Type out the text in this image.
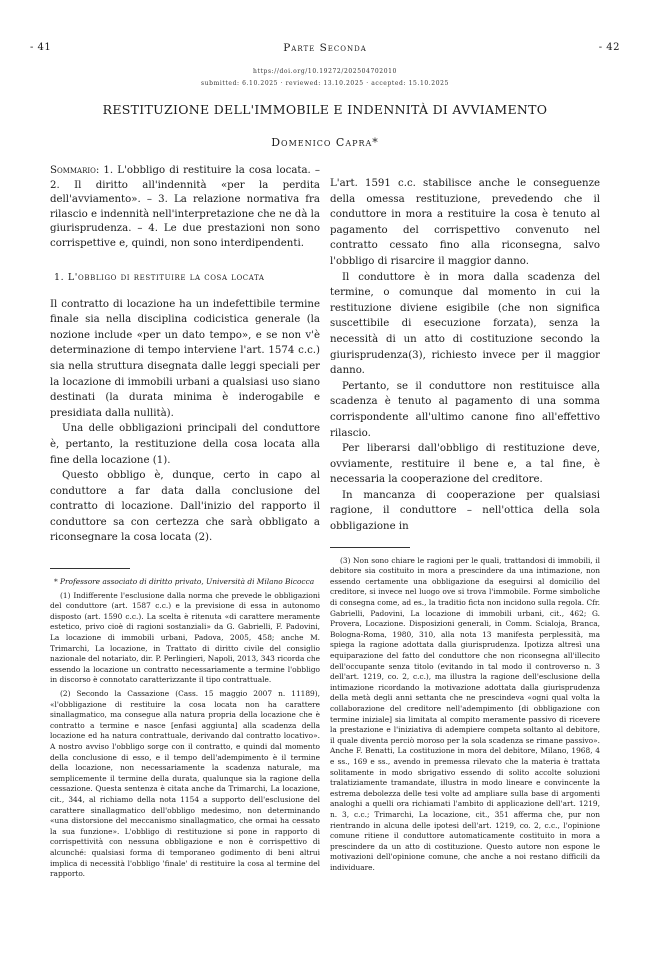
- 41	Parte Seconda	- 42
https://doi.org/10.19272/202504702010
submitted: 6.10.2025 · reviewed: 13.10.2025 · accepted: 15.10.2025
RESTITUZIONE DELL'IMMOBILE E INDENNITÀ DI AVVIAMENTO
Domenico Capra*

Sommario: 1. L'obbligo di restituire la cosa locata. – 2. Il diritto all'indennità «per la perdita dell'avviamento». – 3. La relazione normativa fra rilascio e indennità nell'interpretazione che ne dà la giurisprudenza. – 4. Le due prestazioni non sono corrispettive e, quindi, non sono interdipendenti.

1. L'obbligo di restituire la cosa locata

Il contratto di locazione ha un indefettibile termine finale sia nella disciplina codicistica generale (la nozione include «per un dato tempo», e se non v'è determinazione di tempo interviene l'art. 1574 c.c.) sia nella struttura disegnata dalle leggi speciali per la locazione di immobili urbani a qualsiasi uso siano destinati (la durata minima è inderogabile e presidiata dalla nullità).

Una delle obbligazioni principali del conduttore è, pertanto, la restituzione della cosa locata alla fine della locazione (1).

Questo obbligo è, dunque, certo in capo al conduttore a far data dalla conclusione del contratto di locazione. Dall'inizio del rapporto il conduttore sa con certezza che sarà obbligato a riconsegnare la cosa locata (2).

* Professore associato di diritto privato, Università di Milano Bicocca

(1) Indifferente l'esclusione dalla norma che prevede le obbligazioni del conduttore (art. 1587 c.c.) e la previsione di essa in autonomo disposto (art. 1590 c.c.). La scelta è ritenuta «di carattere meramente estetico, privo cioè di ragioni sostanziali» da G. Gabrielli, F. Padovini, La locazione di immobili urbani, Padova, 2005, 458; anche M. Trimarchi, La locazione, in Trattato di diritto civile del consiglio nazionale del notariato, dir. P. Perlingieri, Napoli, 2013, 343 ricorda che essendo la locazione un contratto necessariamente a termine l'obbligo in discorso è connotato caratterizzante il tipo contrattuale.

(2) Secondo la Cassazione (Cass. 15 maggio 2007 n. 11189), «l'obbligazione di restituire la cosa locata non ha carattere sinallagmatico, ma consegue alla natura propria della locazione che è contratto a termine e nasce [enfasi aggiunta] alla scadenza della locazione ed ha natura contrattuale, derivando dal contratto locativo». A nostro avviso l'obbligo sorge con il contratto, e quindi dal momento della conclusione di esso, e il tempo dell'adempimento è il termine della locazione, non necessariamente la scadenza naturale, ma semplicemente il termine della durata, qualunque sia la ragione della cessazione. Questa sentenza è citata anche da Trimarchi, La locazione, cit., 344, al richiamo della nota 1154 a supporto dell'esclusione del carattere sinallagmatico dell'obbligo medesimo, non determinando «una distorsione del meccanismo sinallagmatico, che ormai ha cessato la sua funzione». L'obbligo di restituzione si pone in rapporto di corrispettività con nessuna obbligazione e non è corrispettivo di alcunché: qualsiasi forma di temporaneo godimento di beni altrui implica di necessità l'obbligo 'finale' di restituire la cosa al termine del rapporto.

L'art. 1591 c.c. stabilisce anche le conseguenze della omessa restituzione, prevedendo che il conduttore in mora a restituire la cosa è tenuto al pagamento del corrispettivo convenuto nel contratto cessato fino alla riconsegna, salvo l'obbligo di risarcire il maggior danno.

Il conduttore è in mora dalla scadenza del termine, o comunque dal momento in cui la restituzione diviene esigibile (che non significa suscettibile di esecuzione forzata), senza la necessità di un atto di costituzione secondo la giurisprudenza(3), richiesto invece per il maggior danno.

Pertanto, se il conduttore non restituisce alla scadenza è tenuto al pagamento di una somma corrispondente all'ultimo canone fino all'effettivo rilascio.

Per liberarsi dall'obbligo di restituzione deve, ovviamente, restituire il bene e, a tal fine, è necessaria la cooperazione del creditore.

In mancanza di cooperazione per qualsiasi ragione, il conduttore – nell'ottica della sola obbligazione in

(3) Non sono chiare le ragioni per le quali, trattandosi di immobili, il debitore sia costituito in mora a prescindere da una intimazione, non essendo certamente una obbligazione da eseguirsi al domicilio del creditore, si invece nel luogo ove si trova l'immobile. Forme simboliche di consegna come, ad es., la traditio ficta non incidono sulla regola. Cfr. Gabrielli, Padovini, La locazione di immobili urbani, cit., 462; G. Provera, Locazione. Disposizioni generali, in Comm. Scialoja, Branca, Bologna-Roma, 1980, 310, alla nota 13 manifesta perplessità, ma spiega la ragione adottata dalla giurisprudenza. Ipotizza altresì una equiparazione del fatto del conduttore che non riconsegna all'illecito dell'occupante senza titolo (evitando in tal modo il controverso n. 3 dell'art. 1219, co. 2, c.c.), ma illustra la ragione dell'esclusione della intimazione ricordando la motivazione adottata dalla giurisprudenza della metà degli anni settanta che ne prescindeva «ogni qual volta la collaborazione del creditore nell'adempimento [di obbligazione con termine iniziale] sia limitata al compito meramente passivo di ricevere la prestazione e l'iniziativa di adempiere competa soltanto al debitore, il quale diventa perciò moroso per la sola scadenza se rimane passivo». Anche F. Benatti, La costituzione in mora del debitore, Milano, 1968, 4 e ss., 169 e ss., avendo in premessa rilevato che la materia è trattata solitamente in modo sbrigativo essendo di solito accolte soluzioni tralatiziamente tramandate, illustra in modo lineare e convincente la estrema debolezza delle tesi volte ad ampliare sulla base di argomenti analoghi a quelli ora richiamati l'ambito di applicazione dell'art. 1219, n. 3, c.c.; Trimarchi, La locazione, cit., 351 afferma che, pur non rientrando in alcuna delle ipotesi dell'art. 1219, co. 2, c.c., l'opinione comune ritiene il conduttore automaticamente costituito in mora a prescindere da un atto di costituzione. Questo autore non espone le motivazioni dell'opinione comune, che anche a noi restano difficili da individuare.
